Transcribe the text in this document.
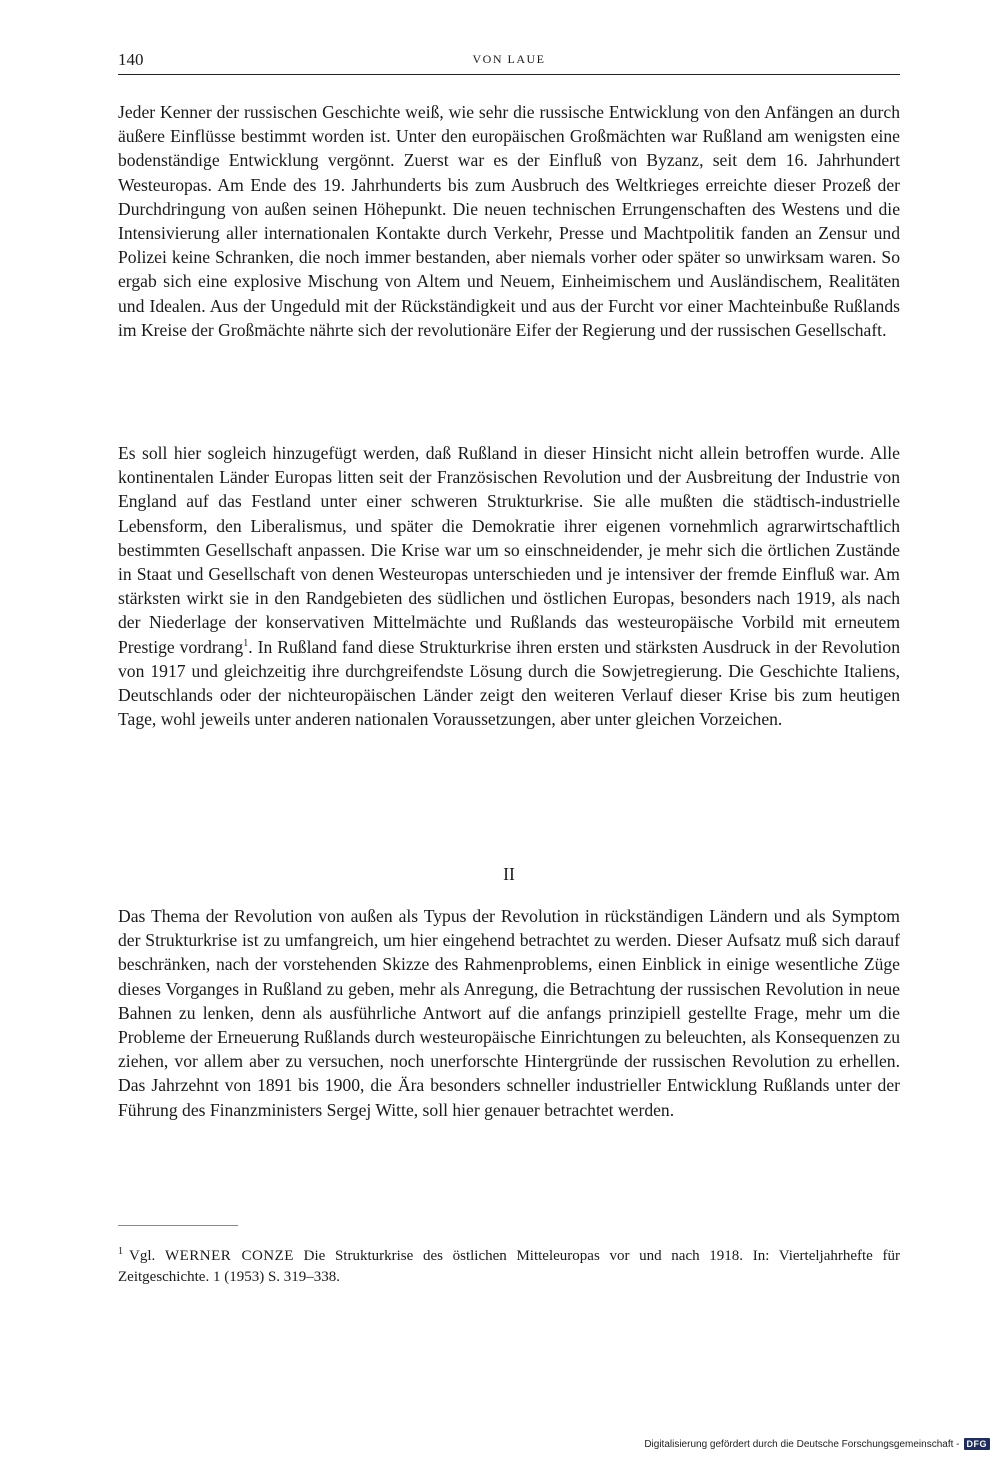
140	VON LAUE

Jeder Kenner der russischen Geschichte weiß, wie sehr die russische Entwicklung von den Anfängen an durch äußere Einflüsse bestimmt worden ist. Unter den europäischen Großmächten war Rußland am wenigsten eine bodenständige Entwicklung vergönnt. Zuerst war es der Einfluß von Byzanz, seit dem 16. Jahrhundert Westeuropas. Am Ende des 19. Jahrhunderts bis zum Ausbruch des Weltkrieges erreichte dieser Prozeß der Durchdringung von außen seinen Höhepunkt. Die neuen technischen Errungenschaften des Westens und die Intensivierung aller internationalen Kontakte durch Verkehr, Presse und Machtpolitik fanden an Zensur und Polizei keine Schranken, die noch immer bestanden, aber niemals vorher oder später so unwirksam waren. So ergab sich eine explosive Mischung von Altem und Neuem, Einheimischem und Ausländischem, Realitäten und Idealen. Aus der Ungeduld mit der Rückständigkeit und aus der Furcht vor einer Machteinbuße Rußlands im Kreise der Großmächte nährte sich der revolutionäre Eifer der Regierung und der russischen Gesellschaft.

Es soll hier sogleich hinzugefügt werden, daß Rußland in dieser Hinsicht nicht allein betroffen wurde. Alle kontinentalen Länder Europas litten seit der Französischen Revolution und der Ausbreitung der Industrie von England auf das Festland unter einer schweren Strukturkrise. Sie alle mußten die städtisch-industrielle Lebensform, den Liberalismus, und später die Demokratie ihrer eigenen vornehmlich agrarwirtschaftlich bestimmten Gesellschaft anpassen. Die Krise war um so einschneidender, je mehr sich die örtlichen Zustände in Staat und Gesellschaft von denen Westeuropas unterschieden und je intensiver der fremde Einfluß war. Am stärksten wirkt sie in den Randgebieten des südlichen und östlichen Europas, besonders nach 1919, als nach der Niederlage der konservativen Mittelmächte und Rußlands das westeuropäische Vorbild mit erneutem Prestige vordrang$^1$. In Rußland fand diese Strukturkrise ihren ersten und stärksten Ausdruck in der Revolution von 1917 und gleichzeitig ihre durchgreifendste Lösung durch die Sowjetregierung. Die Geschichte Italiens, Deutschlands oder der nichteuropäischen Länder zeigt den weiteren Verlauf dieser Krise bis zum heutigen Tage, wohl jeweils unter anderen nationalen Voraussetzungen, aber unter gleichen Vorzeichen.

II

Das Thema der Revolution von außen als Typus der Revolution in rückständigen Ländern und als Symptom der Strukturkrise ist zu umfangreich, um hier eingehend betrachtet zu werden. Dieser Aufsatz muß sich darauf beschränken, nach der vorstehenden Skizze des Rahmenproblems, einen Einblick in einige wesentliche Züge dieses Vorganges in Rußland zu geben, mehr als Anregung, die Betrachtung der russischen Revolution in neue Bahnen zu lenken, denn als ausführliche Antwort auf die anfangs prinzipiell gestellte Frage, mehr um die Probleme der Erneuerung Rußlands durch westeuropäische Einrichtungen zu beleuchten, als Konsequenzen zu ziehen, vor allem aber zu versuchen, noch unerforschte Hintergründe der russischen Revolution zu erhellen. Das Jahrzehnt von 1891 bis 1900, die Ära besonders schneller industrieller Entwicklung Rußlands unter der Führung des Finanzministers Sergej Witte, soll hier genauer betrachtet werden.

$^1$ Vgl. WERNER CONZE Die Strukturkrise des östlichen Mitteleuropas vor und nach 1918. In: Vierteljahrhefte für Zeitgeschichte. 1 (1953) S. 319–338.

Digitalisierung gefördert durch die Deutsche Forschungsgemeinschaft - DFG
